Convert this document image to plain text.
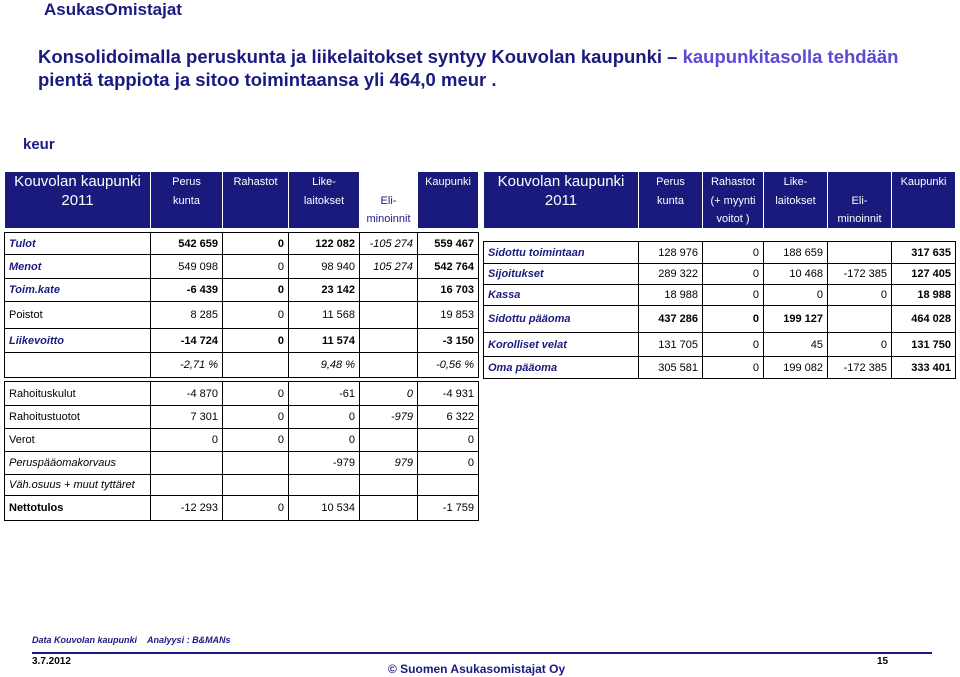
AsukasOmistajat
Konsolidoimalla peruskunta ja liikelaitokset syntyy Kouvolan kaupunki – kaupunkitasolla tehdään
pientä tappiota ja sitoo toimintaansa yli 464,0 meur .
keur
Kouvolan kaupunki	Perus	Rahastot	Like-		Kaupunki
2011	kunta		laitokset	Eli-	
				minoinnit	
Kouvolan kaupunki	Perus	Rahastot	Like-		Kaupunki
2011	kunta	(+ myynti	laitokset	Eli-	
		voitot )		minoinnit	
Tulot	542 659	0	122 082	-105 274	559 467
Menot	549 098	0	98 940	105 274	542 764
Toim.kate	-6 439	0	23 142		16 703
Poistot	8 285	0	11 568		19 853
Liikevoitto	-14 724	0	11 574		-3 150
	-2,71 %		9,48 %		-0,56 %

Rahoituskulut	-4 870	0	-61	0	-4 931
Rahoitustuotot	7 301	0	0	-979	6 322
Verot	0	0	0		0
Peruspääomakorvaus			-979	979	0
Väh.osuus + muut tyttäret					
Nettotulos	-12 293	0	10 534		-1 759
Sidottu toimintaan	128 976	0	188 659		317 635
Sijoitukset	289 322	0	10 468	-172 385	127 405
Kassa	18 988	0	0	0	18 988
Sidottu pääoma	437 286	0	199 127		464 028
Korolliset velat	131 705	0	45	0	131 750
Oma pääoma	305 581	0	199 082	-172 385	333 401
Data Kouvolan kaupunki Analyysi : B&MANs
3.7.2012
© Suomen Asukasomistajat Oy
15
